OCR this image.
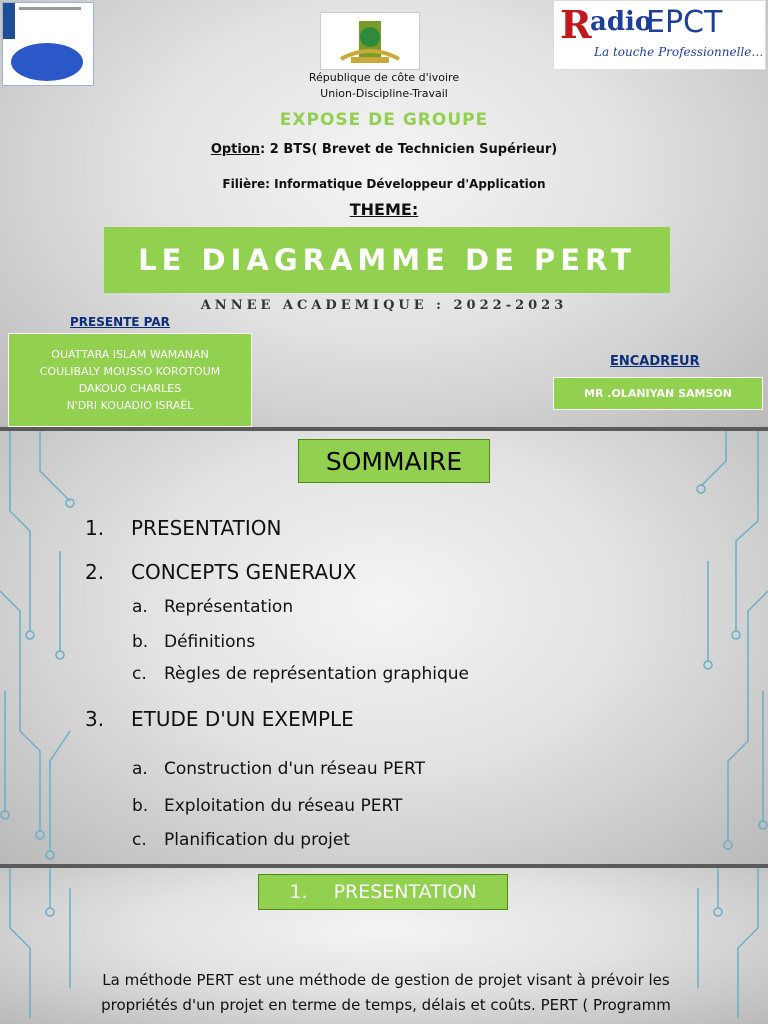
R
adio
EPCT
La touche Professionnelle…
République de côte d'ivoire
Union-Discipline-Travail
EXPOSE DE GROUPE
Option: 2 BTS( Brevet de Technicien Supérieur)
Filière: Informatique Développeur d'Application
THEME:
LE DIAGRAMME DE PERT
ANNEE ACADEMIQUE : 2022-2023
PRESENTE PAR
OUATTARA ISLAM WAMANAN
COULIBALY MOUSSO KOROTOUM
DAKOUO CHARLES
N'DRI KOUADIO ISRAËL
ENCADREUR
MR .OLANIYAN SAMSON
SOMMAIRE
1. PRESENTATION
2. CONCEPTS GENERAUX
a. Représentation
b. Définitions
c. Règles de représentation graphique
3. ETUDE D'UN EXEMPLE
a. Construction d'un réseau PERT
b. Exploitation du réseau PERT
c. Planification du projet
1. PRESENTATION
La méthode PERT est une méthode de gestion de projet visant à prévoir les
propriétés d'un projet en terme de temps, délais et coûts. PERT ( Programm
